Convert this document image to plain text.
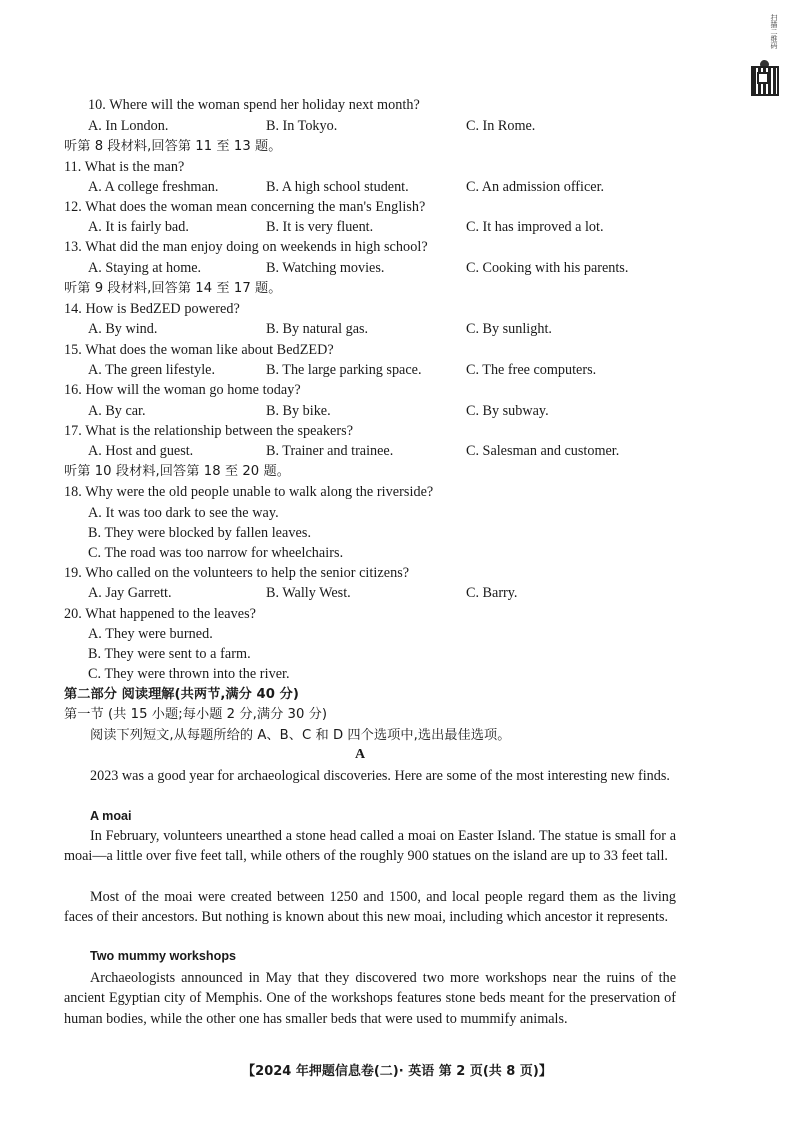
扫描二维码
10. Where will the woman spend her holiday next month?
A. In London.	B. In Tokyo.	C. In Rome.
听第 8 段材料,回答第 11 至 13 题。
11. What is the man?
A. A college freshman.	B. A high school student.	C. An admission officer.
12. What does the woman mean concerning the man's English?
A. It is fairly bad.	B. It is very fluent.	C. It has improved a lot.
13. What did the man enjoy doing on weekends in high school?
A. Staying at home.	B. Watching movies.	C. Cooking with his parents.
听第 9 段材料,回答第 14 至 17 题。
14. How is BedZED powered?
A. By wind.	B. By natural gas.	C. By sunlight.
15. What does the woman like about BedZED?
A. The green lifestyle.	B. The large parking space.	C. The free computers.
16. How will the woman go home today?
A. By car.	B. By bike.	C. By subway.
17. What is the relationship between the speakers?
A. Host and guest.	B. Trainer and trainee.	C. Salesman and customer.
听第 10 段材料,回答第 18 至 20 题。
18. Why were the old people unable to walk along the riverside?
A. It was too dark to see the way.
B. They were blocked by fallen leaves.
C. The road was too narrow for wheelchairs.
19. Who called on the volunteers to help the senior citizens?
A. Jay Garrett.	B. Wally West.	C. Barry.
20. What happened to the leaves?
A. They were burned.
B. They were sent to a farm.
C. They were thrown into the river.
第二部分 阅读理解(共两节,满分 40 分)
第一节 (共 15 小题;每小题 2 分,满分 30 分)
阅读下列短文,从每题所给的 A、B、C 和 D 四个选项中,选出最佳选项。
A
2023 was a good year for archaeological discoveries. Here are some of the most interesting new finds.
A moai
In February, volunteers unearthed a stone head called a moai on Easter Island. The statue is small for a moai—a little over five feet tall, while others of the roughly 900 statues on the island are up to 33 feet tall.
Most of the moai were created between 1250 and 1500, and local people regard them as the living faces of their ancestors. But nothing is known about this new moai, including which ancestor it represents.
Two mummy workshops
Archaeologists announced in May that they discovered two more workshops near the ruins of the ancient Egyptian city of Memphis. One of the workshops features stone beds meant for the preservation of human bodies, while the other one has smaller beds that were used to mummify animals.
【2024 年押题信息卷(二)· 英语 第 2 页(共 8 页)】
